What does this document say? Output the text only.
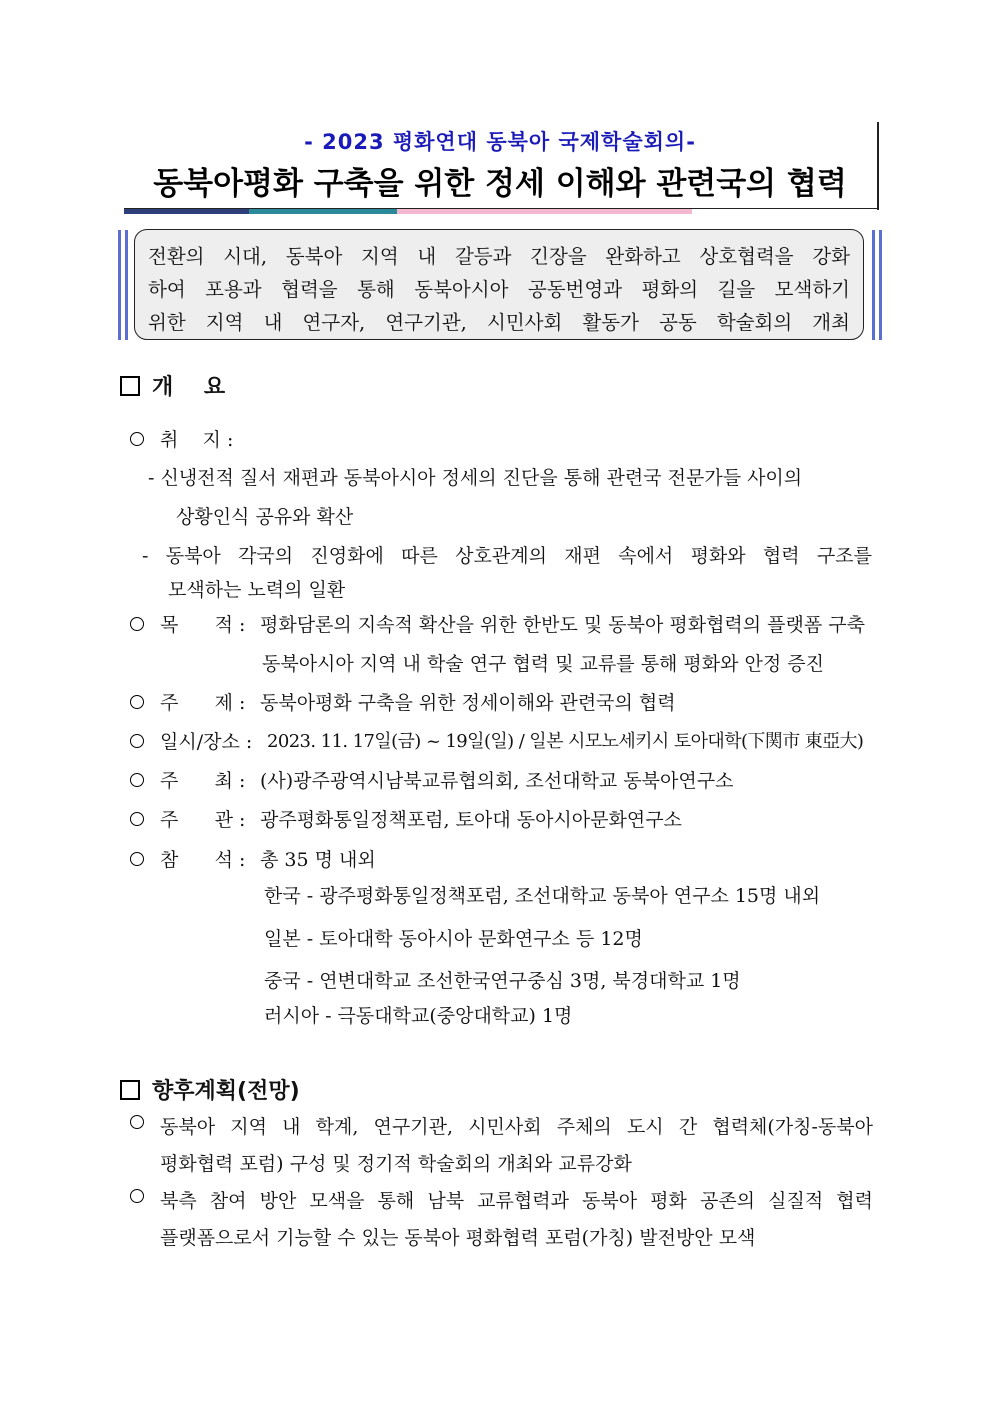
- 2023 평화연대 동북아 국제학술회의-
동북아평화 구축을 위한 정세 이해와 관련국의 협력
전환의 시대, 동북아 지역 내 갈등과 긴장을 완화하고 상호협력을 강화
하여 포용과 협력을 통해 동북아시아 공동번영과 평화의 길을 모색하기
위한 지역 내 연구자, 연구기관, 시민사회 활동가 공동 학술회의 개최
개    요
취    지 :
- 신냉전적 질서 재편과 동북아시아 정세의 진단을 통해 관련국 전문가들 사이의
상황인식 공유와 확산
- 동북아 각국의 진영화에 따른 상호관계의 재편 속에서 평화와 협력 구조를
모색하는 노력의 일환
목      적 : 평화담론의 지속적 확산을 위한 한반도 및 동북아 평화협력의 플랫폼 구축
동북아시아 지역 내 학술 연구 협력 및 교류를 통해 평화와 안정 증진
주      제 : 동북아평화 구축을 위한 정세이해와 관련국의 협력
일시/장소 : 2023. 11. 17일(금) ~ 19일(일) / 일본 시모노세키시 토아대학(下関市 東亞大)
주      최 : (사)광주광역시남북교류협의회, 조선대학교 동북아연구소
주      관 : 광주평화통일정책포럼, 토아대 동아시아문화연구소
참      석 : 총 35 명 내외
한국 - 광주평화통일정책포럼, 조선대학교 동북아 연구소 15명 내외
일본 - 토아대학 동아시아 문화연구소 등 12명
중국 - 연변대학교 조선한국연구중심 3명, 북경대학교 1명
러시아 - 극동대학교(중앙대학교) 1명
향후계획(전망)
동북아 지역 내 학계, 연구기관, 시민사회 주체의 도시 간 협력체(가칭-동북아
평화협력 포럼) 구성 및 정기적 학술회의 개최와 교류강화
북측 참여 방안 모색을 통해 남북 교류협력과 동북아 평화 공존의 실질적 협력
플랫폼으로서 기능할 수 있는 동북아 평화협력 포럼(가칭) 발전방안 모색
